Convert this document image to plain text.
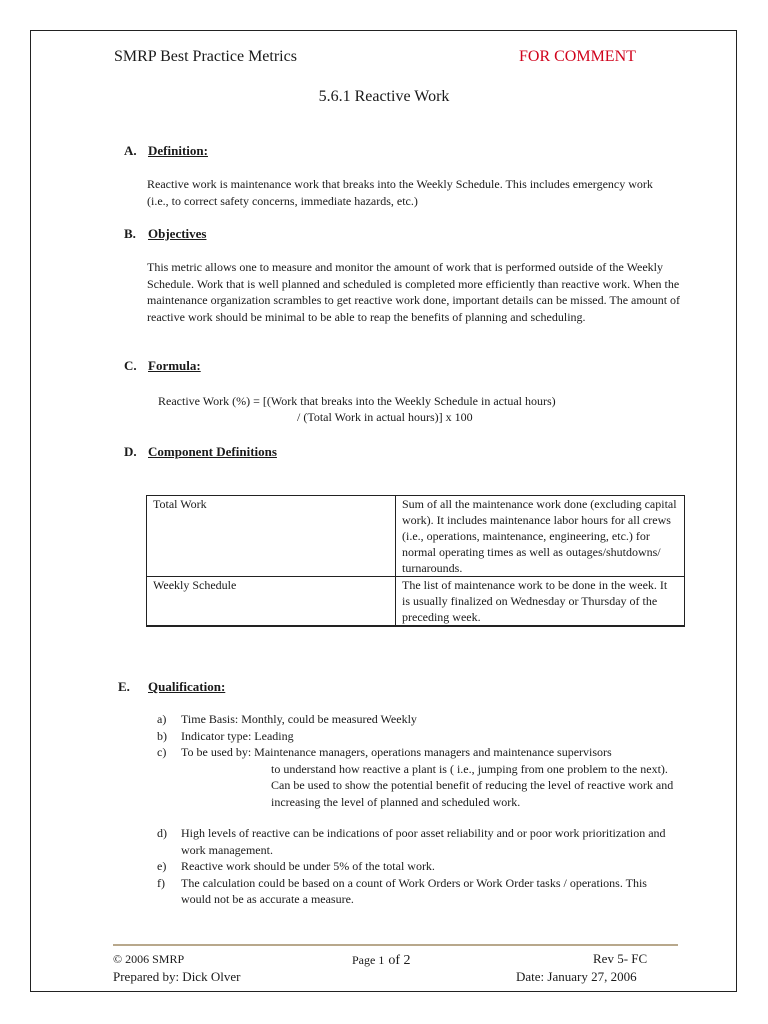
SMRP Best Practice Metrics	FOR COMMENT
5.6.1 Reactive Work
A. Definition:
Reactive work is maintenance work that breaks into the Weekly Schedule. This includes emergency work (i.e., to correct safety concerns, immediate hazards, etc.)
B. Objectives
This metric allows one to measure and monitor the amount of work that is performed outside of the Weekly Schedule. Work that is well planned and scheduled is completed more efficiently than reactive work. When the maintenance organization scrambles to get reactive work done, important details can be missed. The amount of reactive work should be minimal to be able to reap the benefits of planning and scheduling.
C. Formula:
Reactive Work (%) = [(Work that breaks into the Weekly Schedule in actual hours)
/ (Total Work in actual hours)] x 100
D. Component Definitions
Total Work	Sum of all the maintenance work done (excluding capital work). It includes maintenance labor hours for all crews (i.e., operations, maintenance, engineering, etc.) for normal operating times as well as outages/shutdowns/ turnarounds.
Weekly Schedule	The list of maintenance work to be done in the week. It is usually finalized on Wednesday or Thursday of the preceding week.
E. Qualification:
a) Time Basis: Monthly, could be measured Weekly
b) Indicator type: Leading
c) To be used by: Maintenance managers, operations managers and maintenance supervisors
to understand how reactive a plant is ( i.e., jumping from one problem to the next). Can be used to show the potential benefit of reducing the level of reactive work and increasing the level of planned and scheduled work.
d) High levels of reactive can be indications of poor asset reliability and or poor work prioritization and work management.
e) Reactive work should be under 5% of the total work.
f) The calculation could be based on a count of Work Orders or Work Order tasks / operations. This would not be as accurate a measure.
© 2006 SMRP
Prepared by: Dick Olver
Page 1 of 2	Rev 5- FC
Date: January 27, 2006
